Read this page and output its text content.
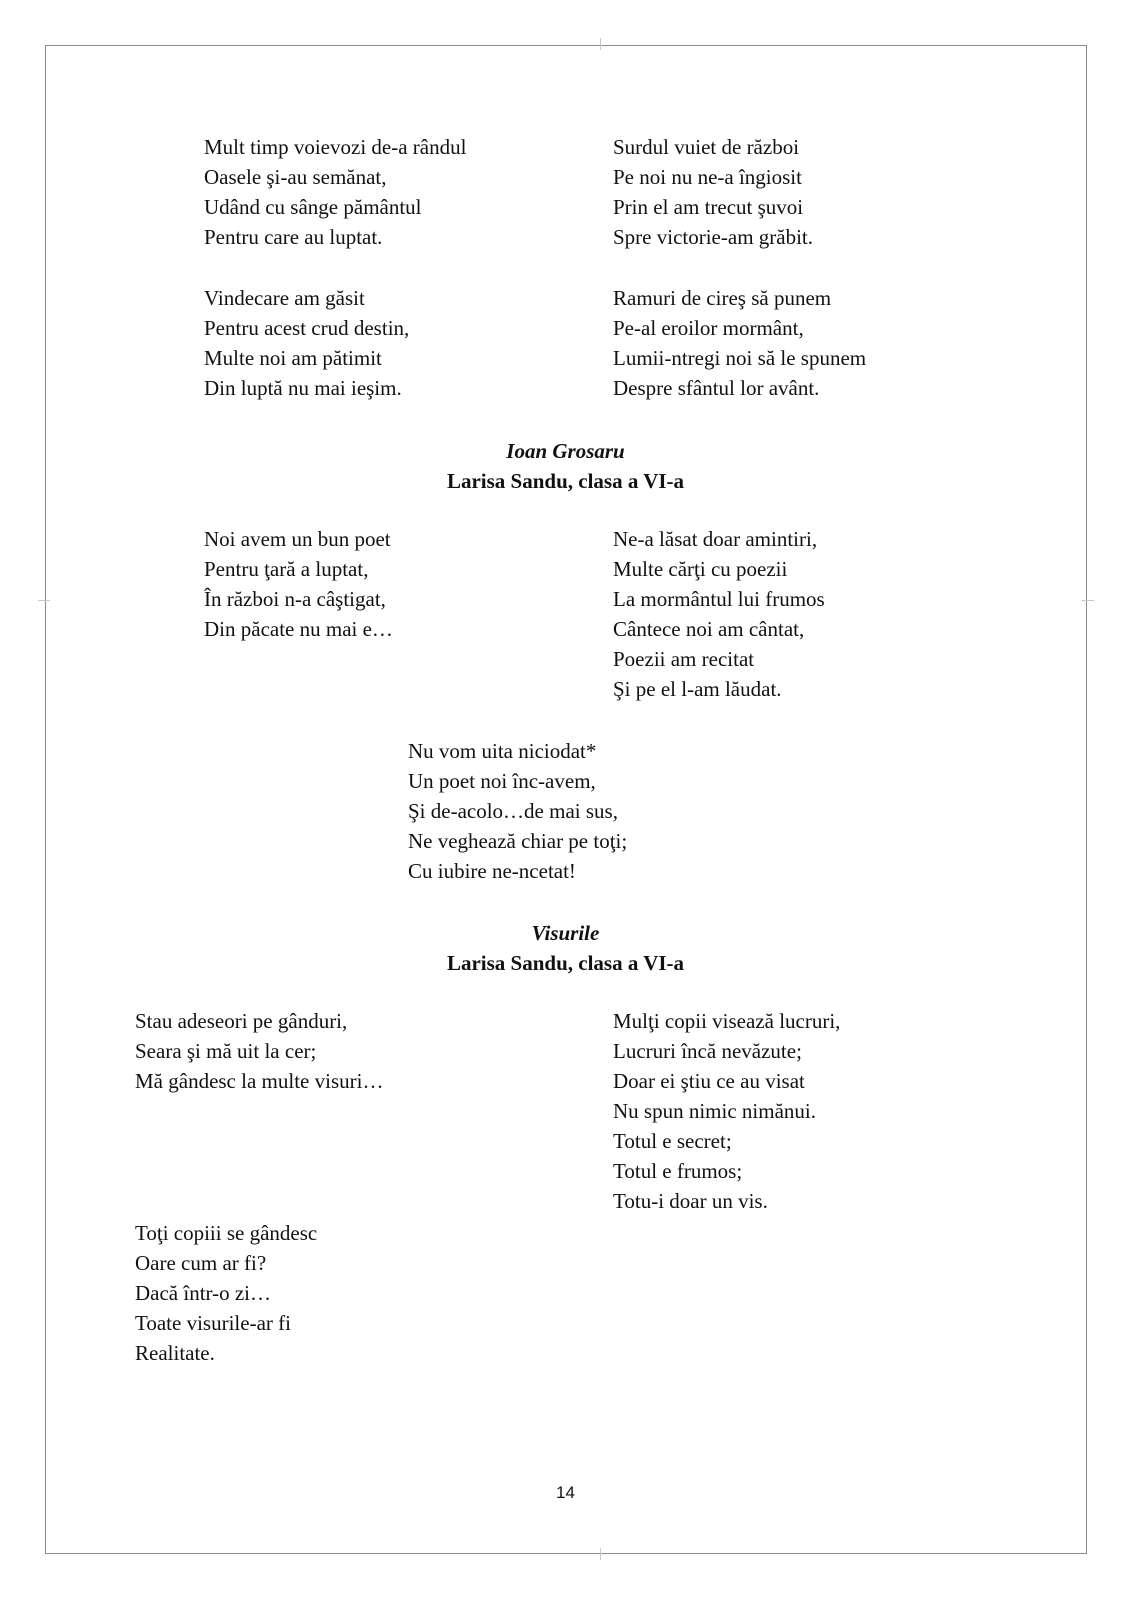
Mult timp voievozi de-a rândul
Oasele şi-au semănat,
Udând cu sânge pământul
Pentru care au luptat.
Surdul vuiet de război
Pe noi nu ne-a îngiosit
Prin el am trecut şuvoi
Spre victorie-am grăbit.
Vindecare am găsit
Pentru acest crud destin,
Multe noi am pătimit
Din luptă nu mai ieşim.
Ramuri de cireş să punem
Pe-al eroilor mormânt,
Lumii-ntregi noi să le spunem
Despre sfântul lor avânt.
Ioan Grosaru
Larisa Sandu, clasa a VI-a
Noi avem un bun poet
Pentru ţară a luptat,
În război n-a câştigat,
Din păcate nu mai e…
Ne-a lăsat doar amintiri,
Multe cărţi cu poezii
La mormântul lui frumos
Cântece noi am cântat,
Poezii am recitat
Şi pe el l-am lăudat.
Nu vom uita niciodat*
Un poet noi înc-avem,
Şi de-acolo…de mai sus,
Ne veghează chiar pe toţi;
Cu iubire ne-ncetat!
Visurile
Larisa Sandu, clasa a VI-a
Stau adeseori pe gânduri,
Seara şi mă uit la cer;
Mă gândesc la multe visuri…
Mulţi copii visează lucruri,
Lucruri încă nevăzute;
Doar ei ştiu ce au visat
Nu spun nimic nimănui.
Totul e secret;
Totul e frumos;
Totu-i doar un vis.
Toţi copiii se gândesc
Oare cum ar fi?
Dacă într-o zi…
Toate visurile-ar fi
Realitate.
14
